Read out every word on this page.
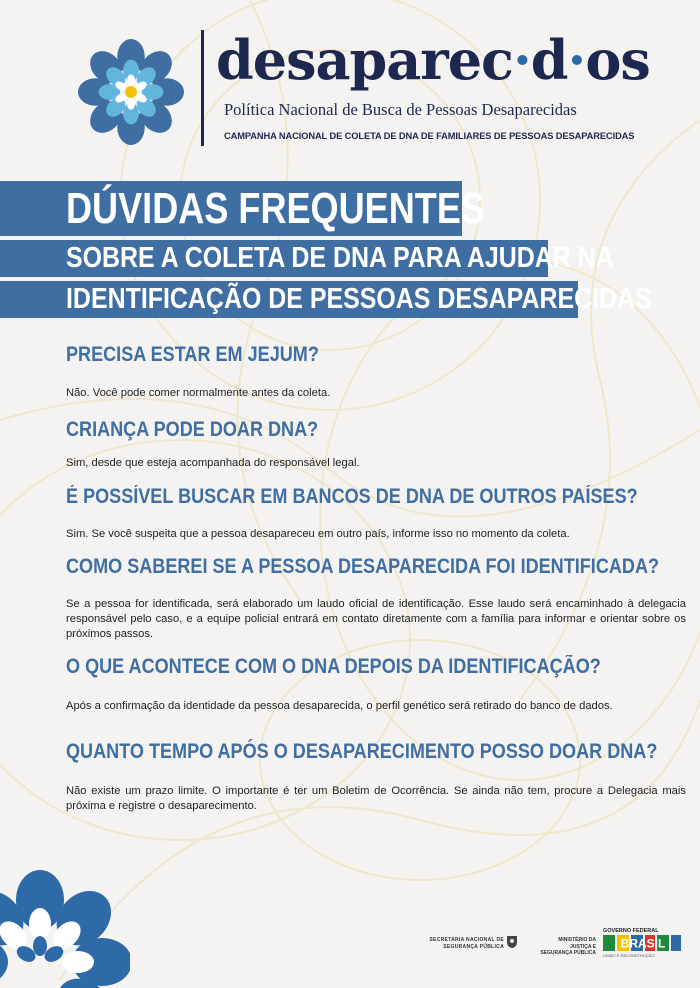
desaparec·d·os
Política Nacional de Busca de Pessoas Desaparecidas
CAMPANHA NACIONAL DE COLETA DE DNA DE FAMILIARES DE PESSOAS DESAPARECIDAS
DÚVIDAS FREQUENTES
SOBRE A COLETA DE DNA PARA AJUDAR NA
IDENTIFICAÇÃO DE PESSOAS DESAPARECIDAS
PRECISA ESTAR EM JEJUM?
Não. Você pode comer normalmente antes da coleta.
CRIANÇA PODE DOAR DNA?
Sim, desde que esteja acompanhada do responsável legal.
É POSSÍVEL BUSCAR EM BANCOS DE DNA DE OUTROS PAÍSES?
Sim. Se você suspeita que a pessoa desapareceu em outro país, informe isso no momento da coleta.
COMO SABEREI SE A PESSOA DESAPARECIDA FOI IDENTIFICADA?
Se a pessoa for identificada, será elaborado um laudo oficial de identificação. Esse laudo será encaminhado à delegacia responsável pelo caso, e a equipe policial entrará em contato diretamente com a família para informar e orientar sobre os próximos passos.
O QUE ACONTECE COM O DNA DEPOIS DA IDENTIFICAÇÃO?
Após a confirmação da identidade da pessoa desaparecida, o perfil genético será retirado do banco de dados.
QUANTO TEMPO APÓS O DESAPARECIMENTO POSSO DOAR DNA?
Não existe um prazo limite. O importante é ter um Boletim de Ocorrência. Se ainda não tem, procure a Delegacia mais próxima e registre o desaparecimento.
SECRETARIA NACIONAL DE
SEGURANÇA PÚBLICA
MINISTÉRIO DA
JUSTIÇA E
SEGURANÇA PÚBLICA
GOVERNO FEDERAL
BRASIL
UNIÃO E RECONSTRUÇÃO
